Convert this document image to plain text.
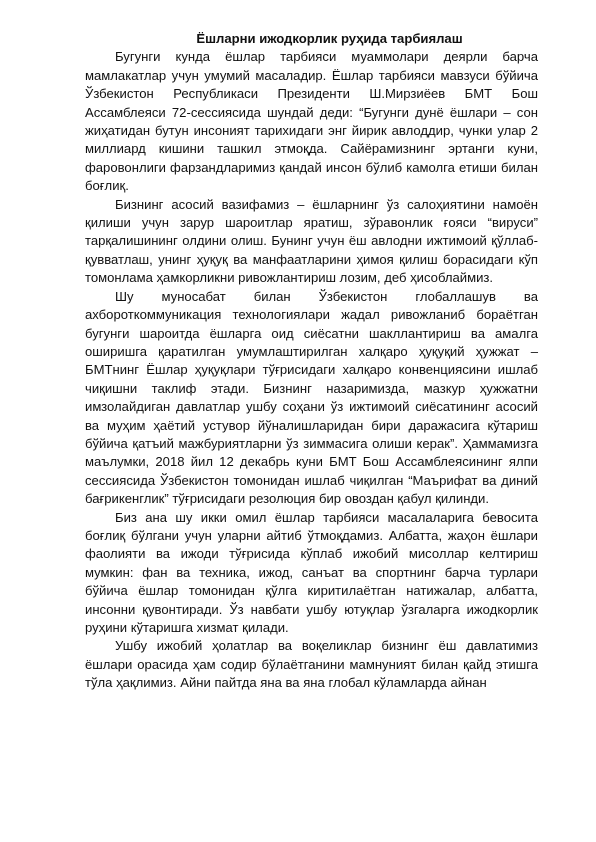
Ёшларни ижодкорлик руҳида тарбиялаш

Бугунги кунда ёшлар тарбияси муаммолари деярли барча мамлакатлар учун умумий масаладир. Ёшлар тарбияси мавзуси бўйича Ўзбекистон Республикаси Президенти Ш.Мирзиёев БМТ Бош Ассамблеяси 72-сессиясида шундай деди: “Бугунги дунё ёшлари – сон жиҳатидан бутун инсоният тарихидаги энг йирик авлоддир, чунки улар 2 миллиард кишини ташкил этмоқда. Сайёрамизнинг эртанги куни, фаровонлиги фарзандларимиз қандай инсон бўлиб камолга етиши билан боғлиқ.

Бизнинг асосий вазифамиз – ёшларнинг ўз салоҳиятини намоён қилиши учун зарур шароитлар яратиш, зўравонлик ғояси “вируси” тарқалишининг олдини олиш. Бунинг учун ёш авлодни ижтимоий қўллаб-қувватлаш, унинг ҳуқуқ ва манфаатларини ҳимоя қилиш борасидаги кўп томонлама ҳамкорликни ривожлантириш лозим, деб ҳисоблаймиз.

Шу муносабат билан Ўзбекистон глобаллашув ва ахбороткоммуникация технологиялари жадал ривожланиб бораётган бугунги шароитда ёшларга оид сиёсатни шакллантириш ва амалга оширишга қаратилган умумлаштирилган халқаро ҳуқуқий ҳужжат – БМТнинг Ёшлар ҳуқуқлари тўғрисидаги халқаро конвенциясини ишлаб чиқишни таклиф этади. Бизнинг назаримизда, мазкур ҳужжатни имзолайдиган давлатлар ушбу соҳани ўз ижтимоий сиёсатининг асосий ва муҳим ҳаётий устувор йўналишларидан бири даражасига кўтариш бўйича қатъий мажбуриятларни ўз зиммасига олиши керак”. Ҳаммамизга маълумки, 2018 йил 12 декабрь куни БМТ Бош Ассамблеясининг ялпи сессиясида Ўзбекистон томонидан ишлаб чиқилган “Маърифат ва диний бағрикенглик” тўғрисидаги резолюция бир овоздан қабул қилинди.

Биз ана шу икки омил ёшлар тарбияси масалаларига бевосита боғлиқ бўлгани учун уларни айтиб ўтмоқдамиз. Албатта, жаҳон ёшлари фаолияти ва ижоди тўғрисида кўплаб ижобий мисоллар келтириш мумкин: фан ва техника, ижод, санъат ва спортнинг барча турлари бўйича ёшлар томонидан қўлга киритилаётган натижалар, албатта, инсонни қувонтиради. Ўз навбати ушбу ютуқлар ўзгаларга ижодкорлик руҳини кўтаришга хизмат қилади.

Ушбу ижобий ҳолатлар ва воқеликлар бизнинг ёш давлатимиз ёшлари орасида ҳам содир бўлаётганини мамнуният билан қайд этишга тўла ҳақлимиз. Айни пайтда яна ва яна глобал кўламларда айнан
